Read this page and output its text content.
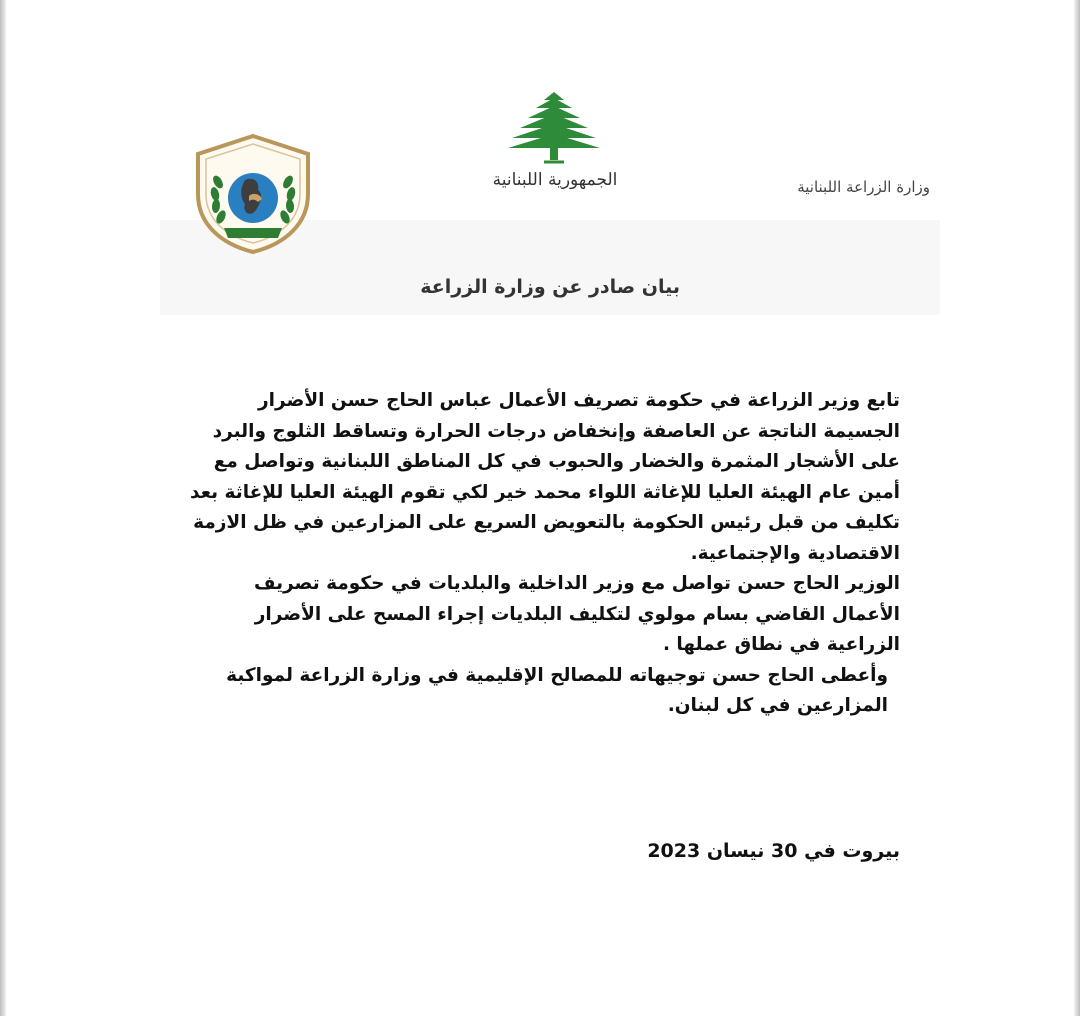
الجمهورية اللبنانية	وزارة الزراعة اللبنانية
بيان صادر عن وزارة الزراعة

تابع وزير الزراعة في حكومة تصريف الأعمال عباس الحاج حسن الأضرار الجسيمة الناتجة عن العاصفة وإنخفاض درجات الحرارة وتساقط الثلوج والبرد على الأشجار المثمرة والخضار والحبوب في كل المناطق اللبنانية وتواصل مع أمين عام الهيئة العليا للإغاثة اللواء محمد خير لكي تقوم الهيئة العليا للإغاثة بعد تكليف من قبل رئيس الحكومة بالتعويض السريع على المزارعين في ظل الازمة الاقتصادية والإجتماعية.

الوزير الحاج حسن تواصل مع وزير الداخلية والبلديات في حكومة تصريف الأعمال القاضي بسام مولوي لتكليف البلديات إجراء المسح على الأضرار الزراعية في نطاق عملها .

وأعطى الحاج حسن توجيهاته للمصالح الإقليمية في وزارة الزراعة لمواكبة المزارعين في كل لبنان.

بيروت في 30 نيسان 2023
